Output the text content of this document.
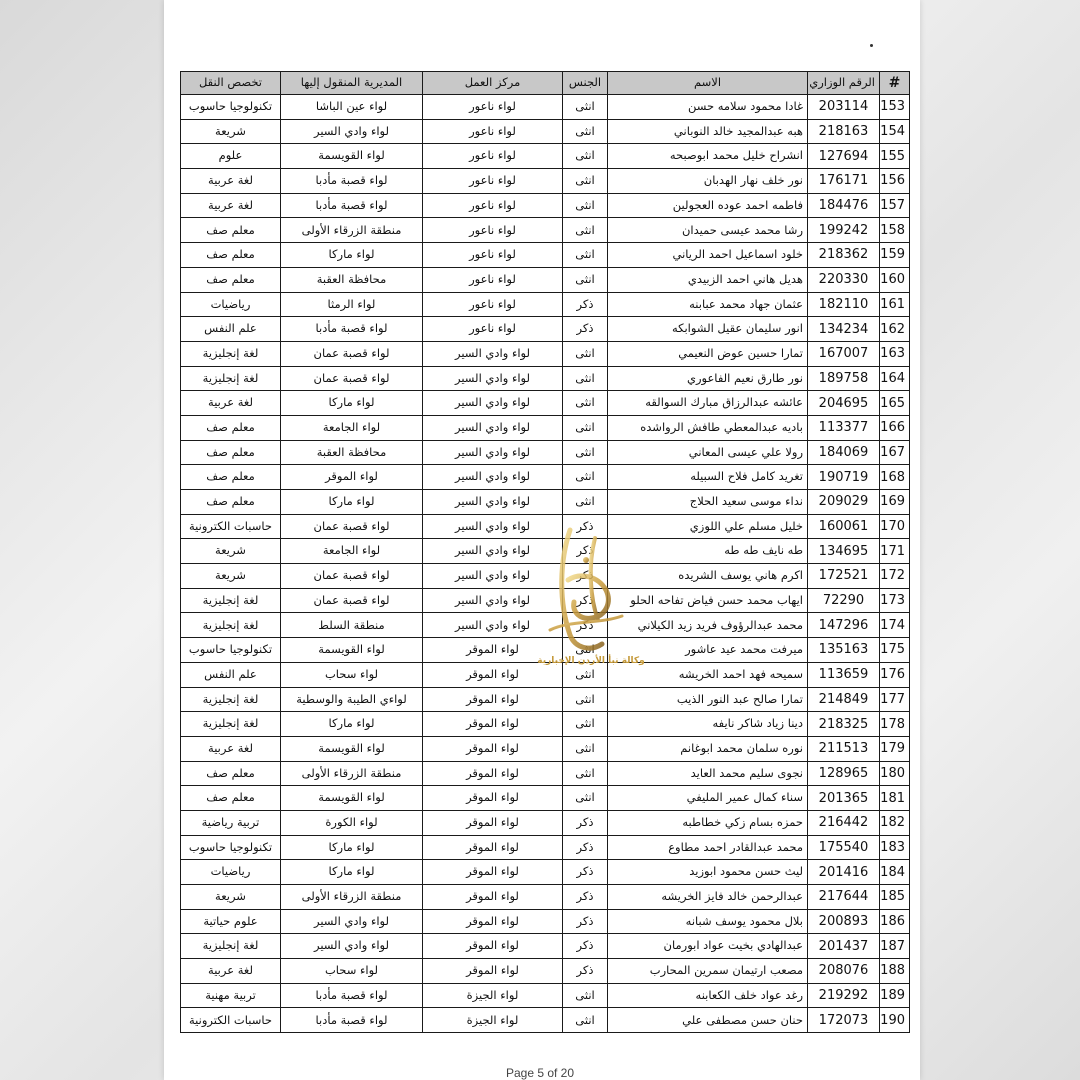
#	الرقم الوزاري	الاسم	الجنس	مركز العمل	المديرية المنقول إليها	تخصص النقل
153	203114	غادا محمود سلامه حسن	انثى	لواء ناعور	لواء عين الباشا	تكنولوجيا حاسوب
154	218163	هبه عبدالمجيد خالد النوباني	انثى	لواء ناعور	لواء وادي السير	شريعة
155	127694	انشراح خليل محمد ابوصبحه	انثى	لواء ناعور	لواء القويسمة	علوم
156	176171	نور خلف نهار الهدبان	انثى	لواء ناعور	لواء قصبة مأدبا	لغة عربية
157	184476	فاطمه احمد عوده العجولين	انثى	لواء ناعور	لواء قصبة مأدبا	لغة عربية
158	199242	رشا محمد عيسى حميدان	انثى	لواء ناعور	منطقة الزرقاء الأولى	معلم صف
159	218362	خلود اسماعيل احمد الرياني	انثى	لواء ناعور	لواء ماركا	معلم صف
160	220330	هديل هاني احمد الزبيدي	انثى	لواء ناعور	محافظة العقبة	معلم صف
161	182110	عثمان جهاد محمد عبابنه	ذكر	لواء ناعور	لواء الرمثا	رياضيات
162	134234	انور سليمان عقيل الشوابكه	ذكر	لواء ناعور	لواء قصبة مأدبا	علم النفس
163	167007	تمارا حسين عوض النعيمي	انثى	لواء وادي السير	لواء قصبة عمان	لغة إنجليزية
164	189758	نور طارق نعيم الفاعوري	انثى	لواء وادي السير	لواء قصبة عمان	لغة إنجليزية
165	204695	عائشه عبدالرزاق مبارك السوالقه	انثى	لواء وادي السير	لواء ماركا	لغة عربية
166	113377	باديه عبدالمعطي طافش الرواشده	انثى	لواء وادي السير	لواء الجامعة	معلم صف
167	184069	رولا علي عيسى المعاني	انثى	لواء وادي السير	محافظة العقبة	معلم صف
168	190719	تغريد كامل فلاح السبيله	انثى	لواء وادي السير	لواء الموقر	معلم صف
169	209029	نداء موسى سعيد الحلاج	انثى	لواء وادي السير	لواء ماركا	معلم صف
170	160061	خليل مسلم علي اللوزي	ذكر	لواء وادي السير	لواء قصبة عمان	حاسبات الكترونية
171	134695	طه نايف طه طه	ذكر	لواء وادي السير	لواء الجامعة	شريعة
172	172521	اكرم هاني يوسف الشريده	ذكر	لواء وادي السير	لواء قصبة عمان	شريعة
173	72290	ايهاب محمد حسن فياض تفاحه الحلو	ذكر	لواء وادي السير	لواء قصبة عمان	لغة إنجليزية
174	147296	محمد عبدالرؤوف فريد زيد الكيلاني	ذكر	لواء وادي السير	منطقة السلط	لغة إنجليزية
175	135163	ميرفت محمد عيد عاشور	انثى	لواء الموقر	لواء القويسمة	تكنولوجيا حاسوب
176	113659	سميحه فهد احمد الخريشه	انثى	لواء الموقر	لواء سحاب	علم النفس
177	214849	تمارا صالح عبد النور الذيب	انثى	لواء الموقر	لواءي الطيبة والوسطية	لغة إنجليزية
178	218325	دينا زياد شاكر نايفه	انثى	لواء الموقر	لواء ماركا	لغة إنجليزية
179	211513	نوره سلمان محمد ابوغانم	انثى	لواء الموقر	لواء القويسمة	لغة عربية
180	128965	نجوى سليم محمد العايد	انثى	لواء الموقر	منطقة الزرقاء الأولى	معلم صف
181	201365	سناء كمال عمير المليفي	انثى	لواء الموقر	لواء القويسمة	معلم صف
182	216442	حمزه بسام زكي خطاطبه	ذكر	لواء الموقر	لواء الكورة	تربية رياضية
183	175540	محمد عبدالقادر احمد مطاوع	ذكر	لواء الموقر	لواء ماركا	تكنولوجيا حاسوب
184	201416	ليث حسن محمود ابوزيد	ذكر	لواء الموقر	لواء ماركا	رياضيات
185	217644	عبدالرحمن خالد فايز الخريشه	ذكر	لواء الموقر	منطقة الزرقاء الأولى	شريعة
186	200893	بلال محمود يوسف شبانه	ذكر	لواء الموقر	لواء وادي السير	علوم حياتية
187	201437	عبدالهادي بخيت عواد ابورمان	ذكر	لواء الموقر	لواء وادي السير	لغة إنجليزية
188	208076	مصعب ارتيمان سمرين المحارب	ذكر	لواء الموقر	لواء سحاب	لغة عربية
189	219292	رغد عواد خلف الكعابنه	انثى	لواء الجيزة	لواء قصبة مأدبا	تربية مهنية
190	172073	حنان حسن مصطفى علي	انثى	لواء الجيزة	لواء قصبة مأدبا	حاسبات الكترونية
وكالة نبأ الأردن الإخبارية
Page 5 of 20
